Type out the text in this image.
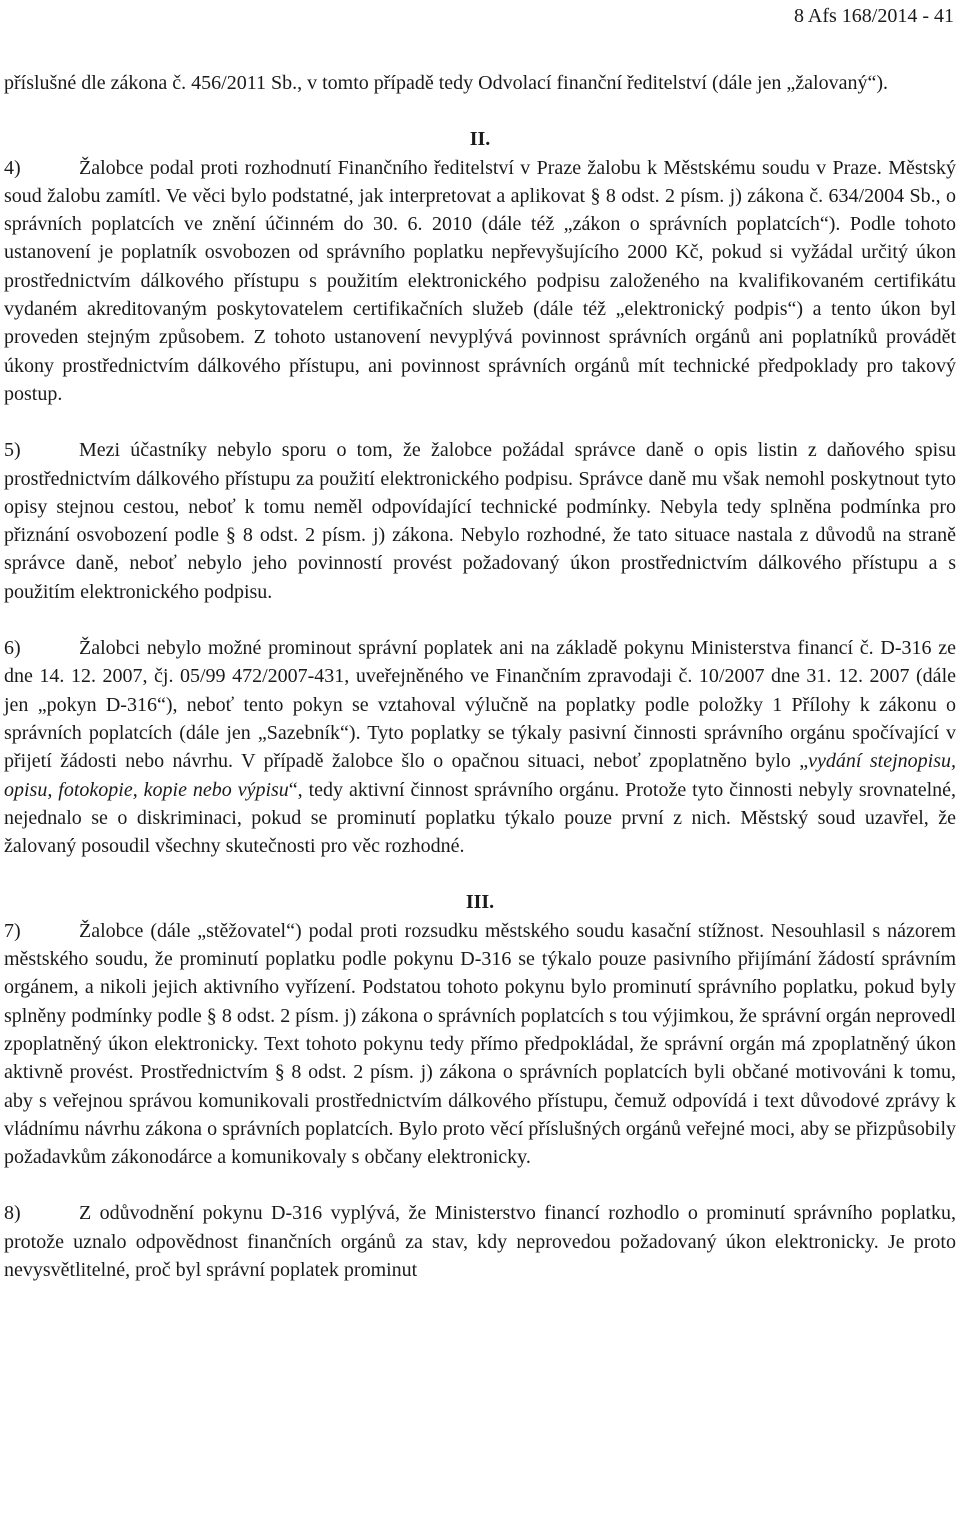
8 Afs 168/2014 - 41

příslušné dle zákona č. 456/2011 Sb., v tomto případě tedy Odvolací finanční ředitelství (dále jen „žalovaný“).

II.

4)	Žalobce podal proti rozhodnutí Finančního ředitelství v Praze žalobu k Městskému soudu v Praze. Městský soud žalobu zamítl. Ve věci bylo podstatné, jak interpretovat a aplikovat § 8 odst. 2 písm. j) zákona č. 634/2004 Sb., o správních poplatcích ve znění účinném do 30. 6. 2010 (dále též „zákon o správních poplatcích“). Podle tohoto ustanovení je poplatník osvobozen od správního poplatku nepřevyšujícího 2000 Kč, pokud si vyžádal určitý úkon prostřednictvím dálkového přístupu s použitím elektronického podpisu založeného na kvalifikovaném certifikátu vydaném akreditovaným poskytovatelem certifikačních služeb (dále též „elektronický podpis“) a tento úkon byl proveden stejným způsobem. Z tohoto ustanovení nevyplývá povinnost správních orgánů ani poplatníků provádět úkony prostřednictvím dálkového přístupu, ani povinnost správních orgánů mít technické předpoklady pro takový postup.

5)	Mezi účastníky nebylo sporu o tom, že žalobce požádal správce daně o opis listin z daňového spisu prostřednictvím dálkového přístupu za použití elektronického podpisu. Správce daně mu však nemohl poskytnout tyto opisy stejnou cestou, neboť k tomu neměl odpovídající technické podmínky. Nebyla tedy splněna podmínka pro přiznání osvobození podle § 8 odst. 2 písm. j) zákona. Nebylo rozhodné, že tato situace nastala z důvodů na straně správce daně, neboť nebylo jeho povinností provést požadovaný úkon prostřednictvím dálkového přístupu a s použitím elektronického podpisu.

6)	Žalobci nebylo možné prominout správní poplatek ani na základě pokynu Ministerstva financí č. D-316 ze dne 14. 12. 2007, čj. 05/99 472/2007-431, uveřejněného ve Finančním zpravodaji č. 10/2007 dne 31. 12. 2007 (dále jen „pokyn D-316“), neboť tento pokyn se vztahoval výlučně na poplatky podle položky 1 Přílohy k zákonu o správních poplatcích (dále jen „Sazebník“). Tyto poplatky se týkaly pasivní činnosti správního orgánu spočívající v přijetí žádosti nebo návrhu. V případě žalobce šlo o opačnou situaci, neboť zpoplatněno bylo „vydání stejnopisu, opisu, fotokopie, kopie nebo výpisu“, tedy aktivní činnost správního orgánu. Protože tyto činnosti nebyly srovnatelné, nejednalo se o diskriminaci, pokud se prominutí poplatku týkalo pouze první z nich. Městský soud uzavřel, že žalovaný posoudil všechny skutečnosti pro věc rozhodné.

III.

7)	Žalobce (dále „stěžovatel“) podal proti rozsudku městského soudu kasační stížnost. Nesouhlasil s názorem městského soudu, že prominutí poplatku podle pokynu D-316 se týkalo pouze pasivního přijímání žádostí správním orgánem, a nikoli jejich aktivního vyřízení. Podstatou tohoto pokynu bylo prominutí správního poplatku, pokud byly splněny podmínky podle § 8 odst. 2 písm. j) zákona o správních poplatcích s tou výjimkou, že správní orgán neprovedl zpoplatněný úkon elektronicky. Text tohoto pokynu tedy přímo předpokládal, že správní orgán má zpoplatněný úkon aktivně provést. Prostřednictvím § 8 odst. 2 písm. j) zákona o správních poplatcích byli občané motivováni k tomu, aby s veřejnou správou komunikovali prostřednictvím dálkového přístupu, čemuž odpovídá i text důvodové zprávy k vládnímu návrhu zákona o správních poplatcích. Bylo proto věcí příslušných orgánů veřejné moci, aby se přizpůsobily požadavkům zákonodárce a komunikovaly s občany elektronicky.

8)	Z odůvodnění pokynu D-316 vyplývá, že Ministerstvo financí rozhodlo o prominutí správního poplatku, protože uznalo odpovědnost finančních orgánů za stav, kdy neprovedou požadovaný úkon elektronicky. Je proto nevysvětlitelné, proč byl správní poplatek prominut
